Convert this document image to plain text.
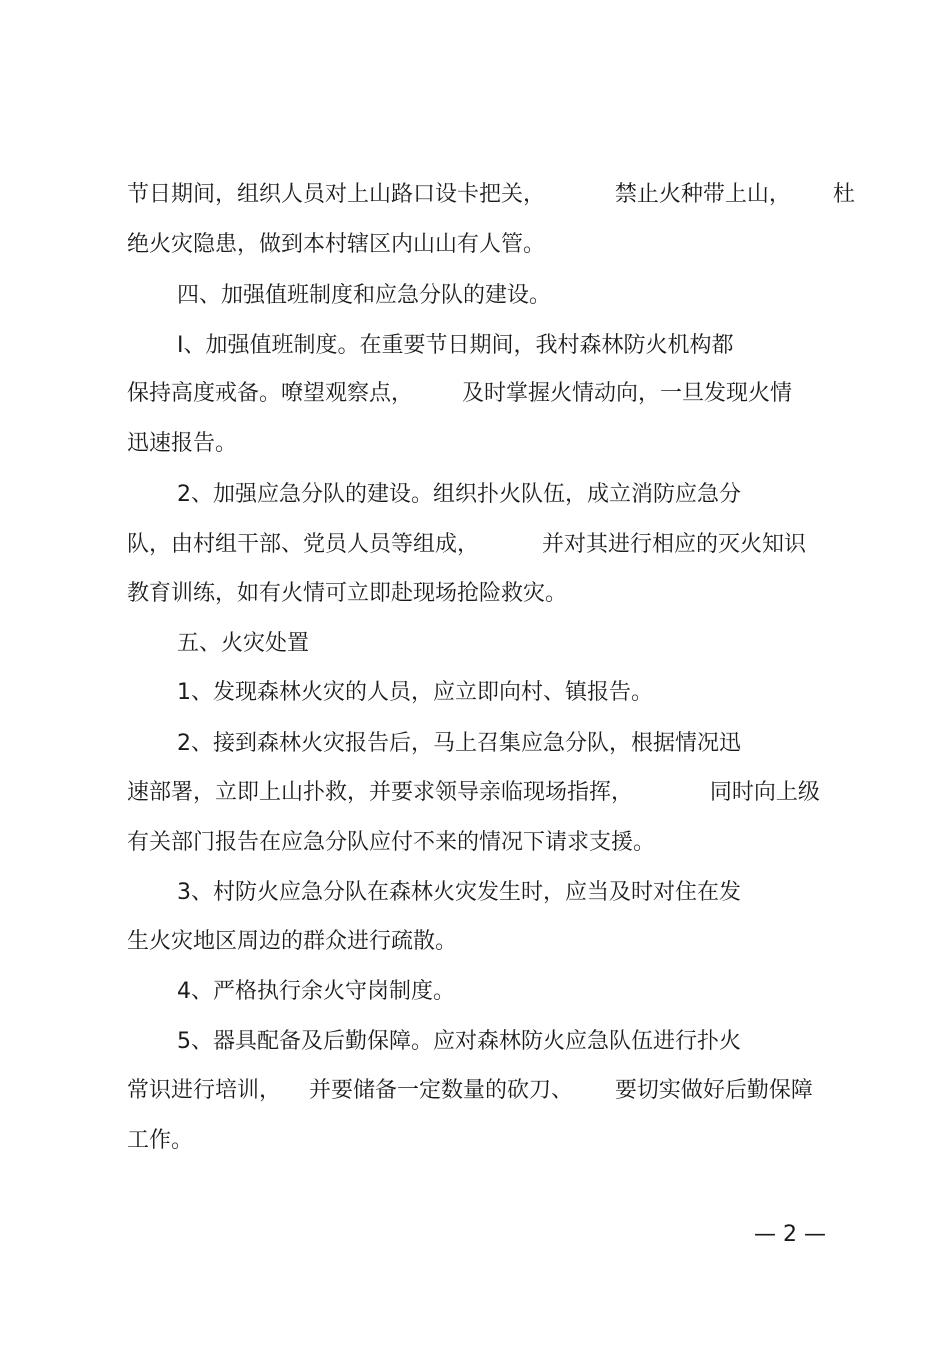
节日期间，组织人员对上山路口设卡把关，          禁止火种带上山，      杜
绝火灾隐患，做到本村辖区内山山有人管。
四、加强值班制度和应急分队的建设。
Ⅰ、加强值班制度。在重要节日期间，我村森林防火机构都
保持高度戒备。嘹望观察点，       及时掌握火情动向，一旦发现火情
迅速报告。
2、加强应急分队的建设。组织扑火队伍，成立消防应急分
队，由村组干部、党员人员等组成，         并对其进行相应的灭火知识
教育训练，如有火情可立即赴现场抢险救灾。
五、火灾处置
1、发现森林火灾的人员，应立即向村、镇报告。
2、接到森林火灾报告后，马上召集应急分队，根据情况迅
速部署，立即上山扑救，并要求领导亲临现场指挥，           同时向上级
有关部门报告在应急分队应付不来的情况下请求支援。
3、村防火应急分队在森林火灾发生时，应当及时对住在发
生火灾地区周边的群众进行疏散。
4、严格执行余火守岗制度。
5、器具配备及后勤保障。应对森林防火应急队伍进行扑火
常识进行培训，    并要储备一定数量的砍刀、      要切实做好后勤保障
工作。
— 2 —
